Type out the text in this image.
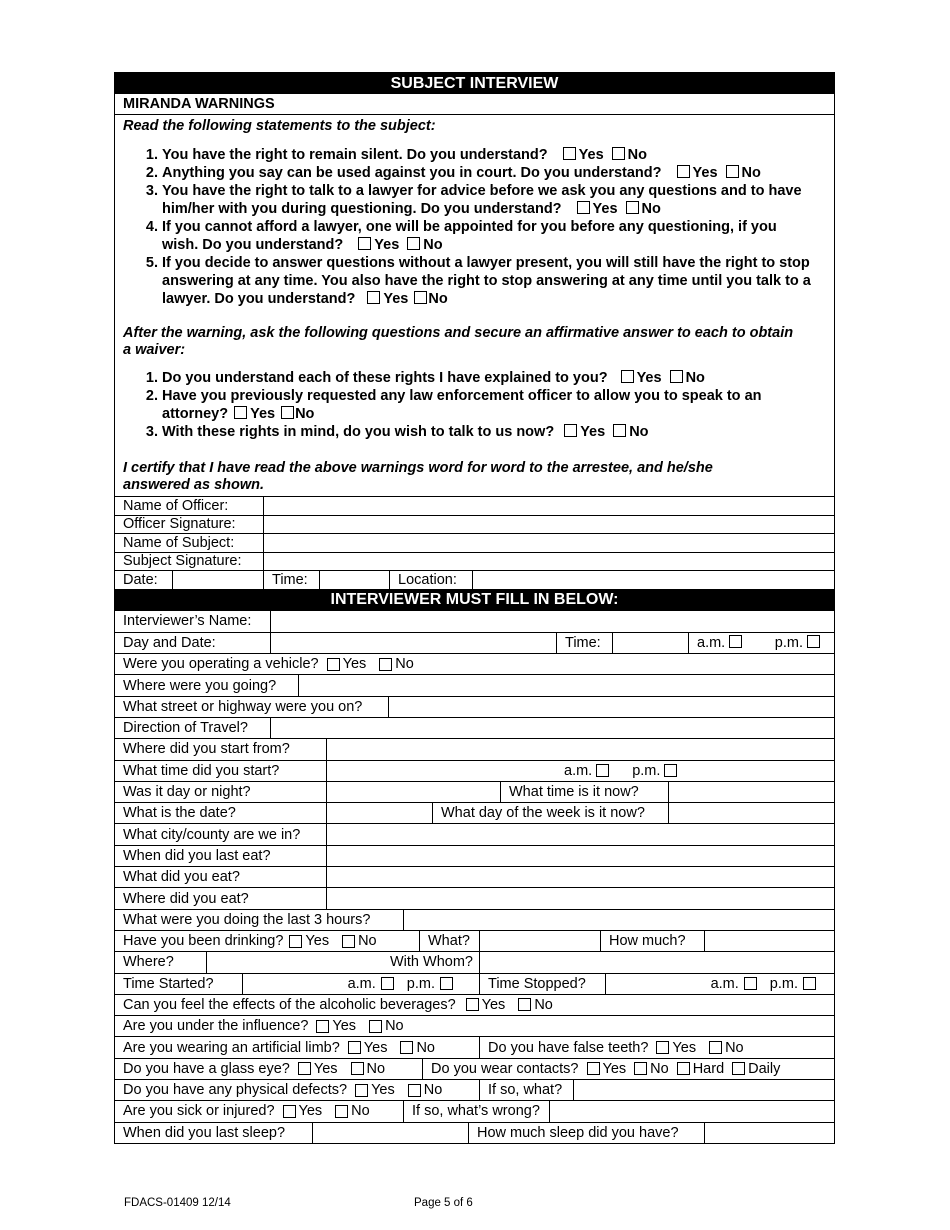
SUBJECT INTERVIEW
MIRANDA WARNINGS
Read the following statements to the subject:
1. You have the right to remain silent. Do you understand? Yes No
2. Anything you say can be used against you in court. Do you understand? Yes No
3. You have the right to talk to a lawyer for advice before we ask you any questions and to have him/her with you during questioning. Do you understand? Yes No
4. If you cannot afford a lawyer, one will be appointed for you before any questioning, if you wish. Do you understand? Yes No
5. If you decide to answer questions without a lawyer present, you will still have the right to stop answering at any time. You also have the right to stop answering at any time until you talk to a lawyer. Do you understand? Yes No
After the warning, ask the following questions and secure an affirmative answer to each to obtain a waiver:
1. Do you understand each of these rights I have explained to you? Yes No
2. Have you previously requested any law enforcement officer to allow you to speak to an attorney? Yes No
3. With these rights in mind, do you wish to talk to us now? Yes No
I certify that I have read the above warnings word for word to the arrestee, and he/she answered as shown.
Name of Officer:
Officer Signature:
Name of Subject:
Subject Signature:
Date:	Time:	Location:
INTERVIEWER MUST FILL IN BELOW:
Interviewer’s Name:
Day and Date:	Time:	a.m.	p.m.
Were you operating a vehicle? Yes No
Where were you going?
What street or highway were you on?
Direction of Travel?
Where did you start from?
What time did you start?	a.m.	p.m.
Was it day or night?	What time is it now?
What is the date?	What day of the week is it now?
What city/county are we in?
When did you last eat?
What did you eat?
Where did you eat?
What were you doing the last 3 hours?
Have you been drinking? Yes No	What?	How much?
Where?	With Whom?
Time Started?	a.m. p.m.	Time Stopped?	a.m. p.m.
Can you feel the effects of the alcoholic beverages? Yes No
Are you under the influence? Yes No
Are you wearing an artificial limb? Yes No	Do you have false teeth? Yes No
Do you have a glass eye? Yes No	Do you wear contacts? Yes No Hard Daily
Do you have any physical defects? Yes No	If so, what?
Are you sick or injured? Yes No	If so, what’s wrong?
When did you last sleep?	How much sleep did you have?
FDACS-01409 12/14	Page 5 of 6
